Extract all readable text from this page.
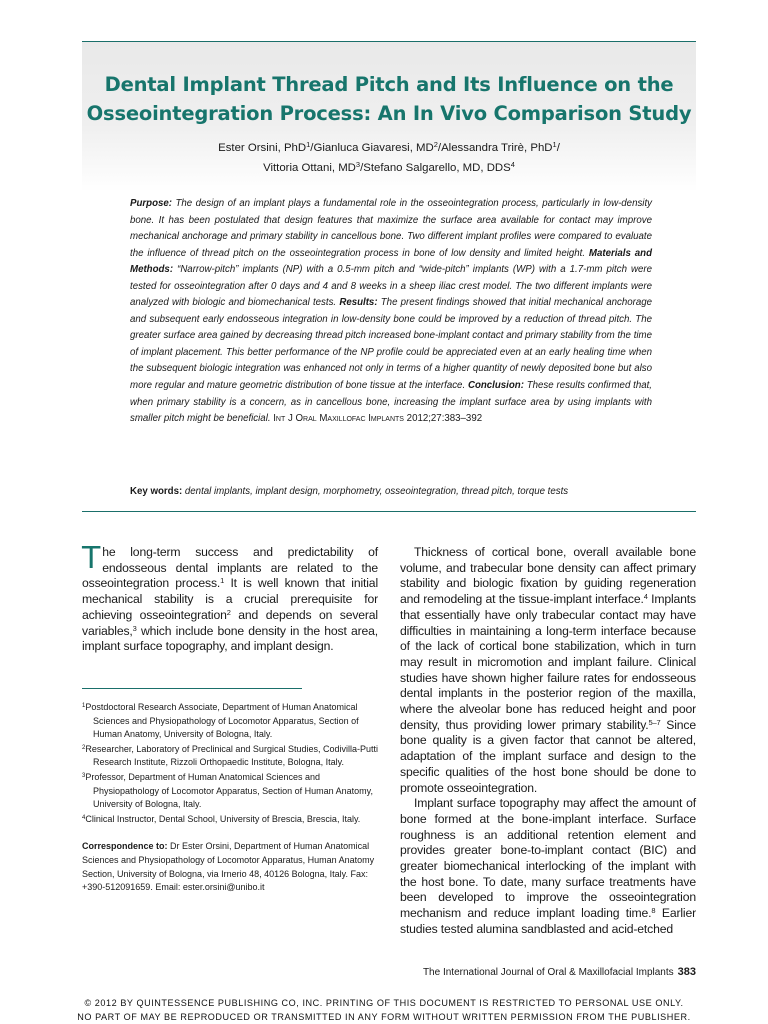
Dental Implant Thread Pitch and Its Influence on the
Osseointegration Process: An In Vivo Comparison Study
Ester Orsini, PhD$^1$/Gianluca Giavaresi, $MD^2$/Alessandra Trirè, PhD$^1$/
Vittoria Ottani, $MD^3$/Stefano Salgarello, MD, DDS$^4$

Purpose: The design of an implant plays a fundamental role in the osseointegration process, particularly in low-density bone. It has been postulated that design features that maximize the surface area available for contact may improve mechanical anchorage and primary stability in cancellous bone. Two different implant profiles were compared to evaluate the influence of thread pitch on the osseointegration process in bone of low density and limited height. Materials and Methods: “Narrow-pitch” implants (NP) with a 0.5-mm pitch and “wide-pitch” implants (WP) with a 1.7-mm pitch were tested for osseointegration after 0 days and 4 and 8 weeks in a sheep iliac crest model. The two different implants were analyzed with biologic and biomechanical tests. Results: The present findings showed that initial mechanical anchorage and subsequent early endosseous integration in low-density bone could be improved by a reduction of thread pitch. The greater surface area gained by decreasing thread pitch increased bone-implant contact and primary stability from the time of implant placement. This better performance of the NP profile could be appreciated even at an early healing time when the subsequent biologic integration was enhanced not only in terms of a higher quantity of newly deposited bone but also more regular and mature geometric distribution of bone tissue at the interface. Conclusion: These results confirmed that, when primary stability is a concern, as in cancellous bone, increasing the implant surface area by using implants with smaller pitch might be beneficial. Int J Oral Maxillofac Implants 2012;27:383–392

Key words: dental implants, implant design, morphometry, osseointegration, thread pitch, torque tests

The long-term success and predictability of endosseous dental implants are related to the osseointegration process.$^1$ It is well known that initial mechanical stability is a crucial prerequisite for achieving osseointegration$^2$ and depends on several variables,$^3$ which include bone density in the host area, implant surface topography, and implant design.

$^1$Postdoctoral Research Associate, Department of Human Anatomical Sciences and Physiopathology of Locomotor Apparatus, Section of Human Anatomy, University of Bologna, Italy.

$^2$Researcher, Laboratory of Preclinical and Surgical Studies, Codivilla-Putti Research Institute, Rizzoli Orthopaedic Institute, Bologna, Italy.

$^3$Professor, Department of Human Anatomical Sciences and Physiopathology of Locomotor Apparatus, Section of Human Anatomy, University of Bologna, Italy.

$^4$Clinical Instructor, Dental School, University of Brescia, Brescia, Italy.

Correspondence to: Dr Ester Orsini, Department of Human Anatomical Sciences and Physiopathology of Locomotor Apparatus, Human Anatomy Section, University of Bologna, via Irnerio 48, 40126 Bologna, Italy. Fax: +390-512091659. Email: ester.orsini@unibo.it

Thickness of cortical bone, overall available bone volume, and trabecular bone density can affect primary stability and biologic fixation by guiding regeneration and remodeling at the tissue-implant interface.$^4$ Implants that essentially have only trabecular contact may have difficulties in maintaining a long-term interface because of the lack of cortical bone stabilization, which in turn may result in micromotion and implant failure. Clinical studies have shown higher failure rates for endosseous dental implants in the posterior region of the maxilla, where the alveolar bone has reduced height and poor density, thus providing lower primary stability.$^{5-7}$ Since bone quality is a given factor that cannot be altered, adaptation of the implant surface and design to the specific qualities of the host bone should be done to promote osseointegration.

Implant surface topography may affect the amount of bone formed at the bone-implant interface. Surface roughness is an additional retention element and provides greater bone-to-implant contact (BIC) and greater biomechanical interlocking of the implant with the host bone. To date, many surface treatments have been developed to improve the osseointegration mechanism and reduce implant loading time.$^8$ Earlier studies tested alumina sandblasted and acid-etched

The International Journal of Oral & Maxillofacial Implants 383
© 2012 BY QUINTESSENCE PUBLISHING CO, INC. PRINTING OF THIS DOCUMENT IS RESTRICTED TO PERSONAL USE ONLY.
NO PART OF MAY BE REPRODUCED OR TRANSMITTED IN ANY FORM WITHOUT WRITTEN PERMISSION FROM THE PUBLISHER.
